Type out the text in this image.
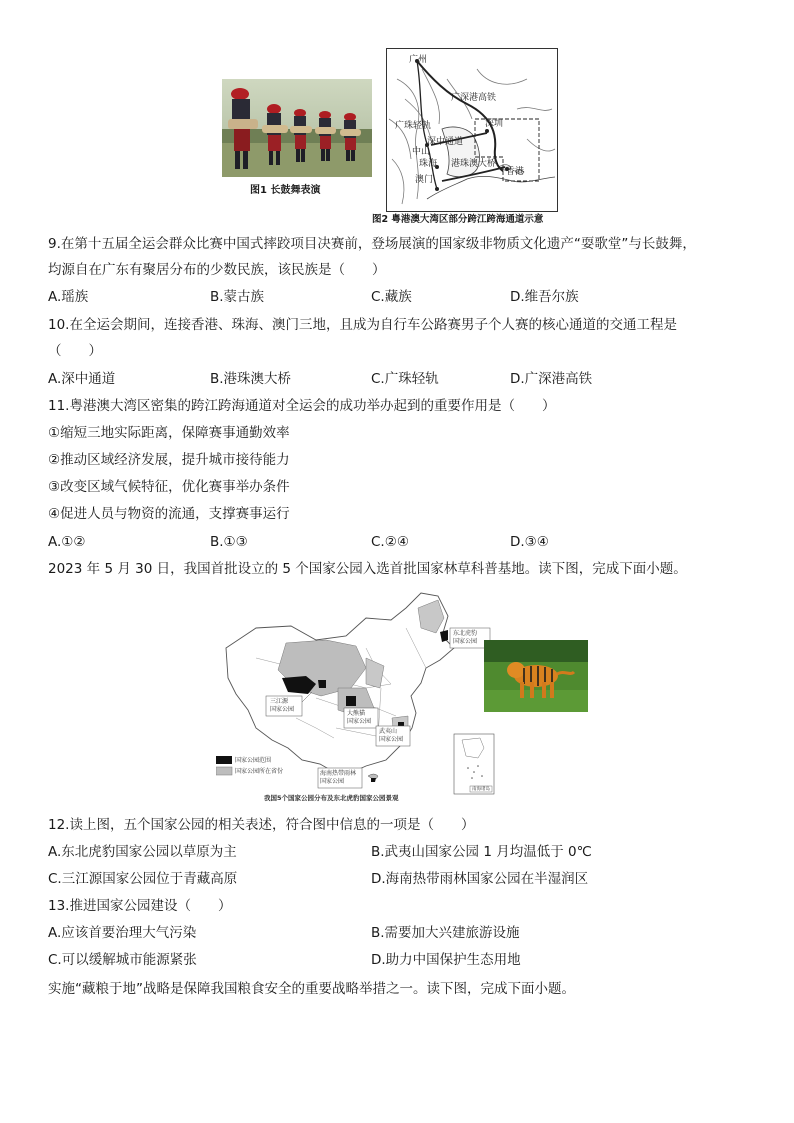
图1 长鼓舞表演
广州
广深港高铁
广珠轻轨	深圳
深中通道
中山
珠海 港珠澳大桥
澳门
香港
图2 粤港澳大湾区部分跨江跨海通道示意
9.在第十五届全运会群众比赛中国式摔跤项目决赛前，登场展演的国家级非物质文化遗产“耍歌堂”与长鼓舞，
均源自在广东有聚居分布的少数民族，该民族是（　　）
A.瑶族	B.蒙古族	C.藏族	D.维吾尔族
10.在全运会期间，连接香港、珠海、澳门三地，且成为自行车公路赛男子个人赛的核心通道的交通工程是
（　　）
A.深中通道	B.港珠澳大桥	C.广珠轻轨	D.广深港高铁
11.粤港澳大湾区密集的跨江跨海通道对全运会的成功举办起到的重要作用是（　　）
①缩短三地实际距离，保障赛事通勤效率
②推动区域经济发展，提升城市接待能力
③改变区域气候特征，优化赛事举办条件
④促进人员与物资的流通，支撑赛事运行
A.①②	B.①③	C.②④	D.③④
2023 年 5 月 30 日，我国首批设立的 5 个国家公园入选首批国家林草科普基地。读下图，完成下面小题。
东北虎豹
国家公园
三江源
国家公园
大熊猫
国家公园
武夷山
国家公园
海南热带雨林
国家公园
南海诸岛
国家公园范围
国家公园所在省份
我国5个国家公园分布及东北虎豹国家公园景观
12.读上图，五个国家公园的相关表述，符合图中信息的一项是（　　）
A.东北虎豹国家公园以草原为主	B.武夷山国家公园 1 月均温低于 0℃
C.三江源国家公园位于青藏高原	D.海南热带雨林国家公园在半湿润区
13.推进国家公园建设（　　）
A.应该首要治理大气污染	B.需要加大兴建旅游设施
C.可以缓解城市能源紧张	D.助力中国保护生态用地
实施“藏粮于地”战略是保障我国粮食安全的重要战略举措之一。读下图，完成下面小题。
